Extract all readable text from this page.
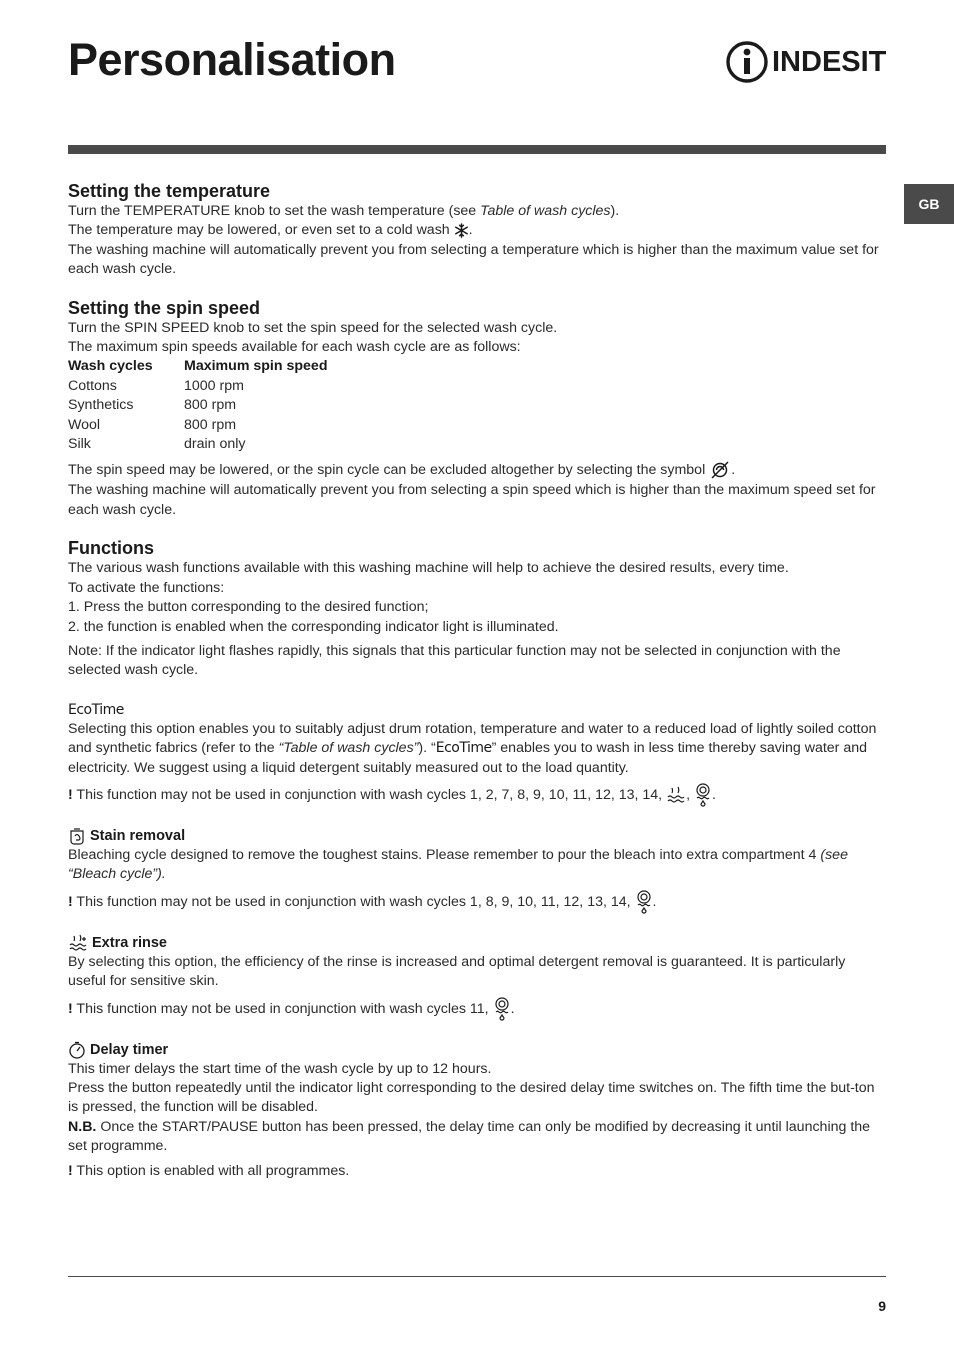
Personalisation	INDESIT
GB
Setting the temperature

Turn the TEMPERATURE knob to set the wash temperature (see Table of wash cycles).

The temperature may be lowered, or even set to a cold wash .

The washing machine will automatically prevent you from selecting a temperature which is higher than the maximum value set for each wash cycle.

Setting the spin speed

Turn the SPIN SPEED knob to set the spin speed for the selected wash cycle.

The maximum spin speeds available for each wash cycle are as follows:

Wash cycles	Maximum spin speed
Cottons	1000 rpm
Synthetics	800 rpm
Wool	800 rpm
Silk	drain only

The spin speed may be lowered, or the spin cycle can be excluded altogether by selecting the symbol .

The washing machine will automatically prevent you from selecting a spin speed which is higher than the maximum speed set for each wash cycle.

Functions

The various wash functions available with this washing machine will help to achieve the desired results, every time.

To activate the functions:

1. Press the button corresponding to the desired function;

2. the function is enabled when the corresponding indicator light is illuminated.

Note: If the indicator light flashes rapidly, this signals that this particular function may not be selected in conjunction with the selected wash cycle.

EcoTime

Selecting this option enables you to suitably adjust drum rotation, temperature and water to a reduced load of lightly soiled cotton and synthetic fabrics (refer to the “Table of wash cycles”). “EcoTime” enables you to wash in less time thereby saving water and electricity. We suggest using a liquid detergent suitably measured out to the load quantity.

! This function may not be used in conjunction with wash cycles 1, 2, 7, 8, 9, 10, 11, 12, 13, 14, , .

Stain removal

Bleaching cycle designed to remove the toughest stains. Please remember to pour the bleach into extra compartment 4 (see “Bleach cycle”).

! This function may not be used in conjunction with wash cycles 1, 8, 9, 10, 11, 12, 13, 14, .

Extra rinse

By selecting this option, the efficiency of the rinse is increased and optimal detergent removal is guaranteed. It is particularly useful for sensitive skin.

! This function may not be used in conjunction with wash cycles 11, .

Delay timer

This timer delays the start time of the wash cycle by up to 12 hours.

Press the button repeatedly until the indicator light corresponding to the desired delay time switches on. The fifth time the but-ton is pressed, the function will be disabled.

N.B. Once the START/PAUSE button has been pressed, the delay time can only be modified by decreasing it until launching the set programme.

! This option is enabled with all programmes.

9
